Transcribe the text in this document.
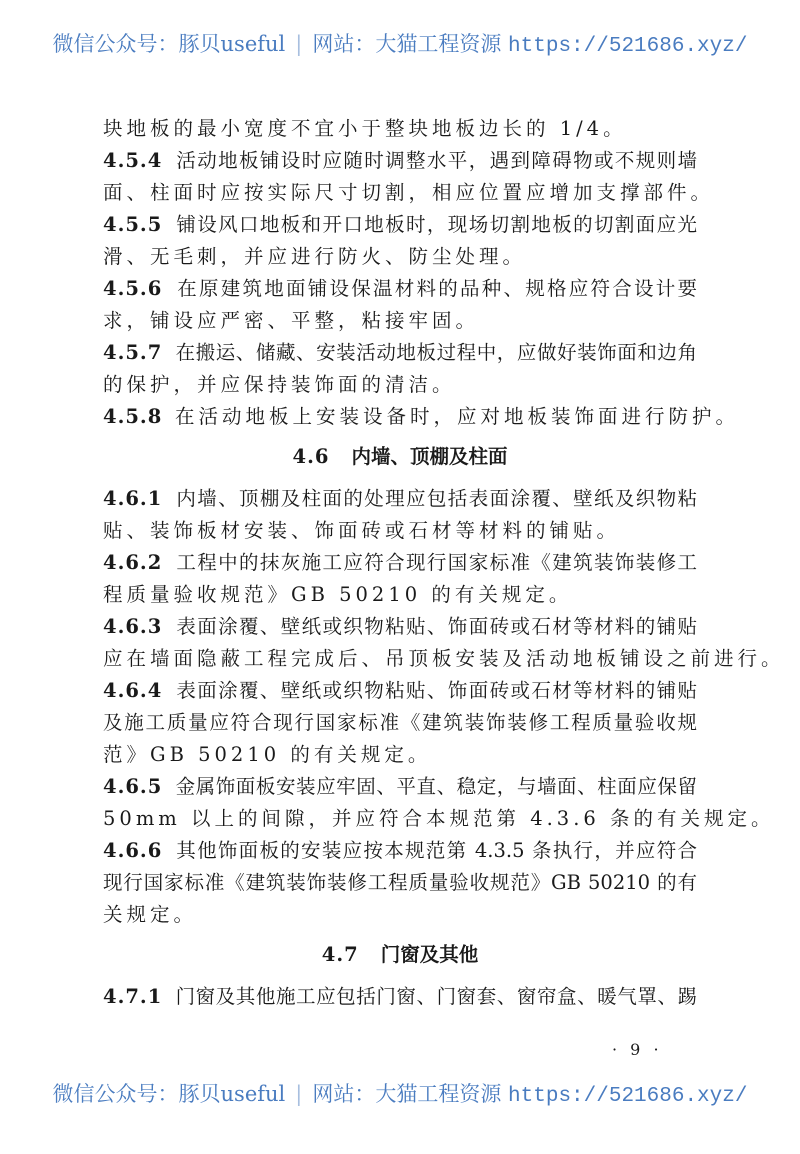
微信公众号：豚贝useful | 网站：大猫工程资源 https://521686.xyz/
块地板的最小宽度不宜小于整块地板边长的 1/4。
4.5.4 活动地板铺设时应随时调整水平，遇到障碍物或不规则墙
面、柱面时应按实际尺寸切割，相应位置应增加支撑部件。
4.5.5 铺设风口地板和开口地板时，现场切割地板的切割面应光
滑、无毛刺，并应进行防火、防尘处理。
4.5.6 在原建筑地面铺设保温材料的品种、规格应符合设计要
求，铺设应严密、平整，粘接牢固。
4.5.7 在搬运、储藏、安装活动地板过程中，应做好装饰面和边角
的保护，并应保持装饰面的清洁。
4.5.8 在活动地板上安装设备时，应对地板装饰面进行防护。
4.6 内墙、顶棚及柱面
4.6.1 内墙、顶棚及柱面的处理应包括表面涂覆、壁纸及织物粘
贴、装饰板材安装、饰面砖或石材等材料的铺贴。
4.6.2 工程中的抹灰施工应符合现行国家标准《建筑装饰装修工
程质量验收规范》GB 50210 的有关规定。
4.6.3 表面涂覆、壁纸或织物粘贴、饰面砖或石材等材料的铺贴
应在墙面隐蔽工程完成后、吊顶板安装及活动地板铺设之前进行。
4.6.4 表面涂覆、壁纸或织物粘贴、饰面砖或石材等材料的铺贴
及施工质量应符合现行国家标准《建筑装饰装修工程质量验收规
范》GB 50210 的有关规定。
4.6.5 金属饰面板安装应牢固、平直、稳定，与墙面、柱面应保留
50mm 以上的间隙，并应符合本规范第 4.3.6 条的有关规定。
4.6.6 其他饰面板的安装应按本规范第 4.3.5 条执行，并应符合
现行国家标准《建筑装饰装修工程质量验收规范》GB 50210 的有
关规定。
4.7 门窗及其他
4.7.1 门窗及其他施工应包括门窗、门窗套、窗帘盒、暖气罩、踢
· 9 ·
微信公众号：豚贝useful | 网站：大猫工程资源 https://521686.xyz/
